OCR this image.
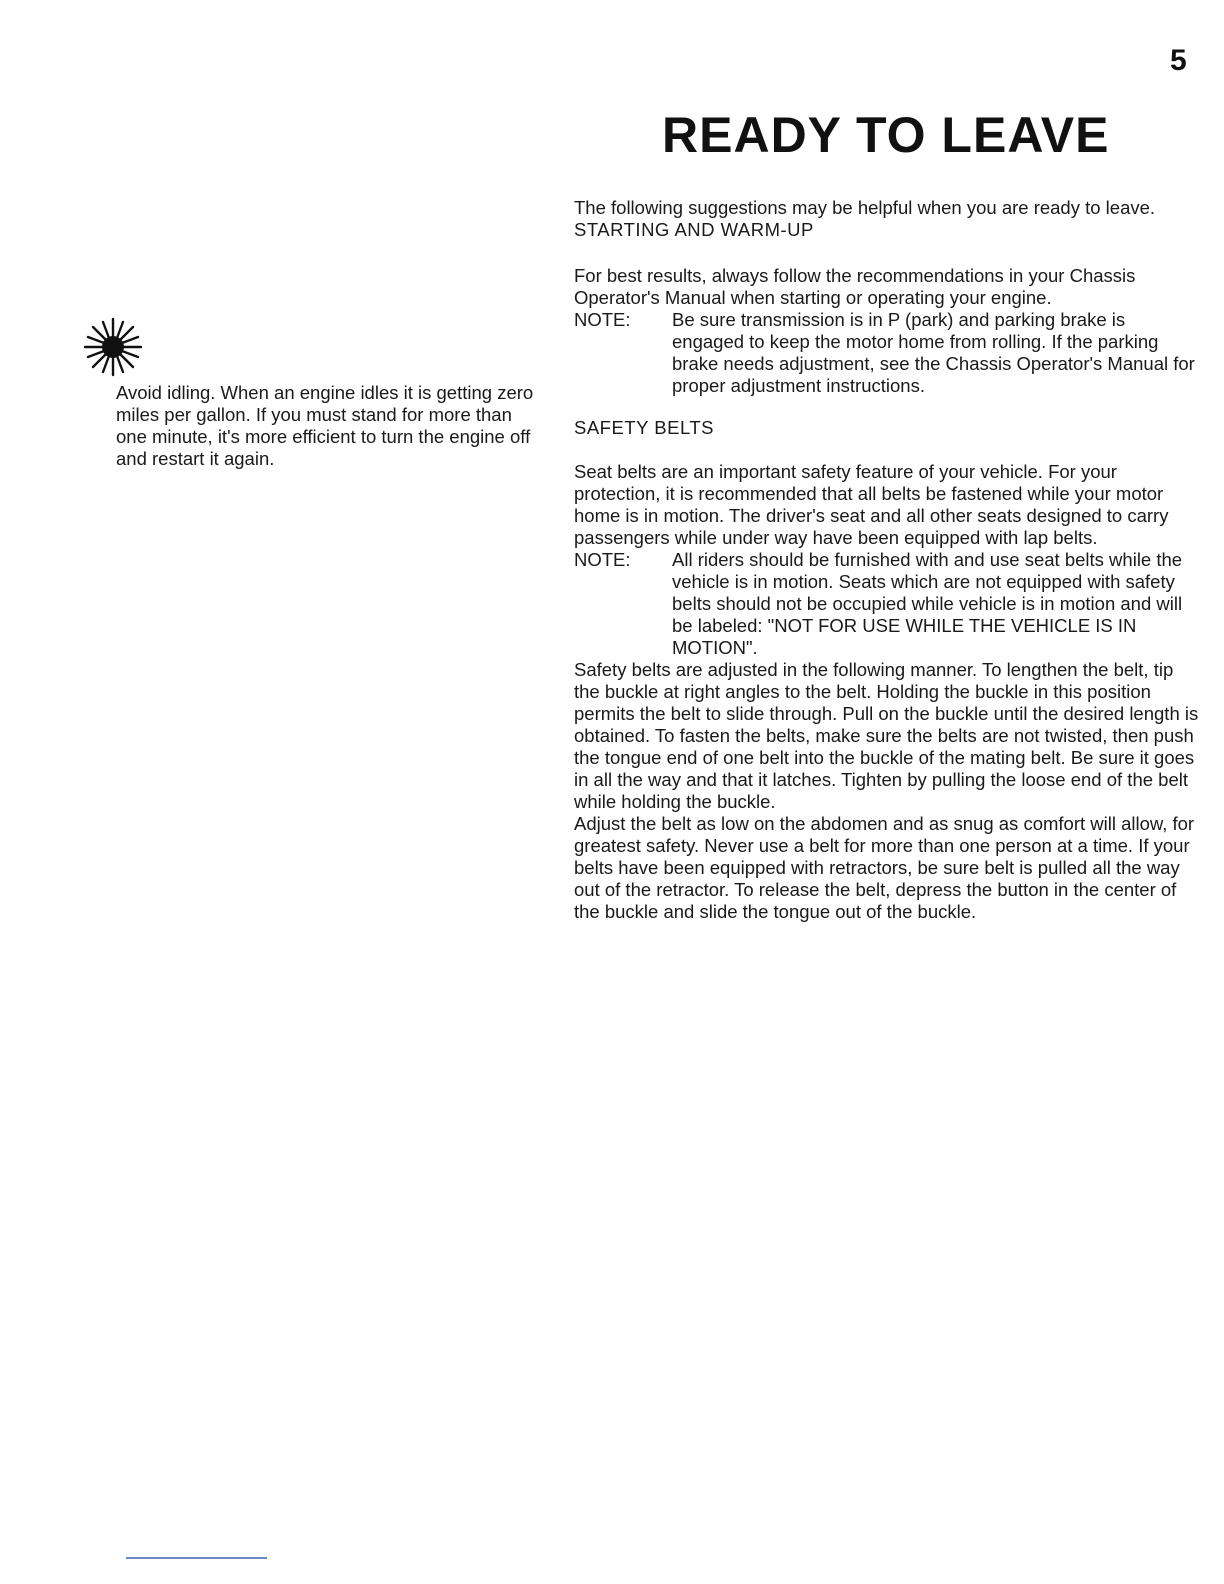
5
READY TO LEAVE

Avoid idling. When an engine idles it is getting zero miles per gallon. If you must stand for more than one minute, it's more efficient to turn the engine off and restart it again.

The following suggestions may be helpful when you are ready to leave.

STARTING AND WARM-UP

For best results, always follow the recommendations in your Chassis Operator's Manual when starting or operating your engine.

NOTE:	Be sure transmission is in P (park) and parking brake is engaged to keep the motor home from rolling. If the parking brake needs adjustment, see the Chassis Operator's Manual for proper adjustment instructions.
SAFETY BELTS

Seat belts are an important safety feature of your vehicle. For your protection, it is recommended that all belts be fastened while your motor home is in motion. The driver's seat and all other seats designed to carry passengers while under way have been equipped with lap belts.

NOTE:	All riders should be furnished with and use seat belts while the vehicle is in motion. Seats which are not equipped with safety belts should not be occupied while vehicle is in motion and will be labeled: "NOT FOR USE WHILE THE VEHICLE IS IN MOTION".

Safety belts are adjusted in the following manner. To lengthen the belt, tip the buckle at right angles to the belt. Holding the buckle in this position permits the belt to slide through. Pull on the buckle until the desired length is obtained. To fasten the belts, make sure the belts are not twisted, then push the tongue end of one belt into the buckle of the mating belt. Be sure it goes in all the way and that it latches. Tighten by pulling the loose end of the belt while holding the buckle.

Adjust the belt as low on the abdomen and as snug as comfort will allow, for greatest safety. Never use a belt for more than one person at a time. If your belts have been equipped with retractors, be sure belt is pulled all the way out of the retractor. To release the belt, depress the button in the center of the buckle and slide the tongue out of the buckle.
